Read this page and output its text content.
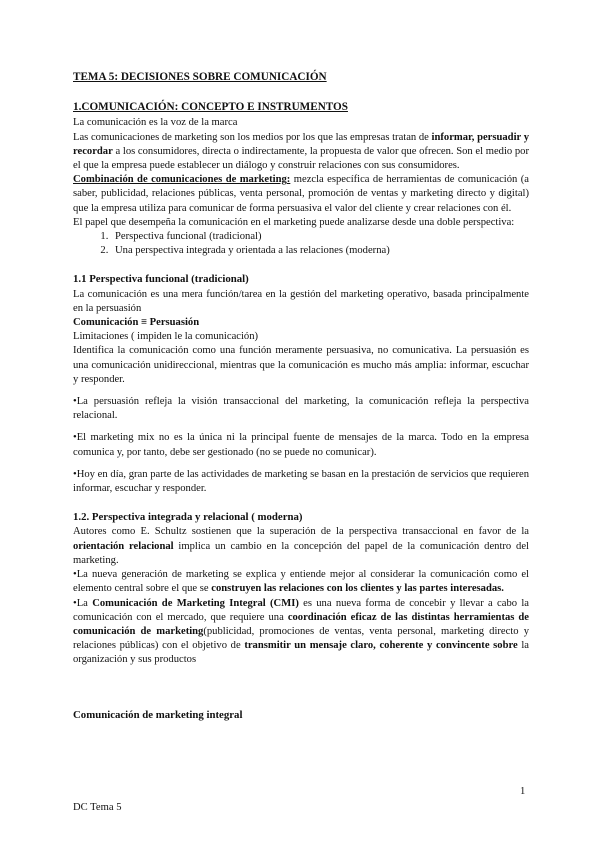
TEMA 5: DECISIONES SOBRE COMUNICACIÓN
1.COMUNICACIÓN: CONCEPTO E INSTRUMENTOS

La comunicación es la voz de la marca

Las comunicaciones de marketing son los medios por los que las empresas tratan de informar, persuadir y recordar a los consumidores, directa o indirectamente, la propuesta de valor que ofrecen. Son el medio por el que la empresa puede establecer un diálogo y construir relaciones con sus consumidores.

Combinación de comunicaciones de marketing: mezcla específica de herramientas de comunicación (a saber, publicidad, relaciones públicas, venta personal, promoción de ventas y marketing directo y digital) que la empresa utiliza para comunicar de forma persuasiva el valor del cliente y crear relaciones con él.

El papel que desempeña la comunicación en el marketing puede analizarse desde una doble perspectiva:

1. Perspectiva funcional (tradicional)
2. Una perspectiva integrada y orientada a las relaciones (moderna)
1.1 Perspectiva funcional (tradicional)

La comunicación es una mera función/tarea en la gestión del marketing operativo, basada principalmente en la persuasión

Comunicación ≡ Persuasión

Limitaciones ( impiden le la comunicación)

Identifica la comunicación como una función meramente persuasiva, no comunicativa. La persuasión es una comunicación unidireccional, mientras que la comunicación es mucho más amplia: informar, escuchar y responder.

•La persuasión refleja la visión transaccional del marketing, la comunicación refleja la perspectiva relacional.

•El marketing mix no es la única ni la principal fuente de mensajes de la marca. Todo en la empresa comunica y, por tanto, debe ser gestionado (no se puede no comunicar).

•Hoy en día, gran parte de las actividades de marketing se basan en la prestación de servicios que requieren informar, escuchar y responder.

1.2. Perspectiva integrada y relacional ( moderna)

Autores como E. Schultz sostienen que la superación de la perspectiva transaccional en favor de la orientación relacional implica un cambio en la concepción del papel de la comunicación dentro del marketing.

•La nueva generación de marketing se explica y entiende mejor al considerar la comunicación como el elemento central sobre el que se construyen las relaciones con los clientes y las partes interesadas.

•La Comunicación de Marketing Integral (CMI) es una nueva forma de concebir y llevar a cabo la comunicación con el mercado, que requiere una coordinación eficaz de las distintas herramientas de comunicación de marketing(publicidad, promociones de ventas, venta personal, marketing directo y relaciones públicas) con el objetivo de transmitir un mensaje claro, coherente y convincente sobre la organización y sus productos

Comunicación de marketing integral
1
DC Tema 5
